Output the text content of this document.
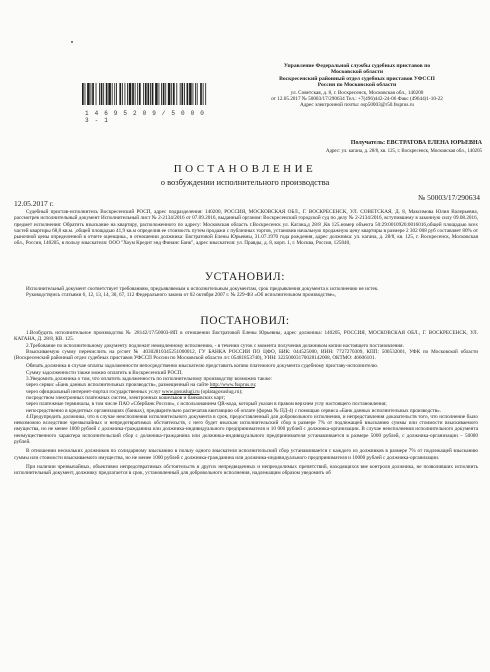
1 4 6 9 5 2 0 9 / 5 0 0 0 3 - 1
Управление Федеральной службы судебных приставов по
Московской области
Воскресенский районный отдел судебных приставов УФССП
России по Московской области
ул. Советская, д. 8, г. Воскресенск, Московская обл., 140200
от 12.05.2017 № 50003/17/290634 Тел.: +7(496)442-24-06 Факс (49644)1-10-22
Адрес электронной почты: osp50003@r50.fssprus.ru
Получатель: ЕВСТРАТОВА ЕЛЕНА ЮРЬЕВНА
Адрес: ул. кагана, д. 28/8, кв. 125, г. Воскресенск, Московская обл., 140205
ПОСТАНОВЛЕНИЕ
о возбуждении исполнительного производства
№ 50003/17/290634
12.05.2017 г.

Судебный пристав-исполнитель Воскресенский РОСП, адрес подразделения: 140200, РОССИЯ, МОСКОВСКАЯ ОБЛ., Г. ВОСКРЕСЕНСК, УЛ. СОВЕТСКАЯ, Д. 8, Максимова Юлия Валерьевна, рассмотрев исполнительный документ Исполнительный лист № 2-2134/2016 от 07.09.2016, выданный органом: Воскресенский городской суд по делу № 2-2134/2016, вступившему в законную силу 09.08.2016, предмет исполнения: Обратить взыскание на квартиру, расположенного по адресу: Московская область г.Воскресенск ул. Кагана,д 28/8 ,Кв 125.номер объекта 50:29:0010926:0016016,общей площадью всех частей квартиры 68,8 кв.м. ,общей площадью 41,9 кв.м определив ее стоимость путем продажи с публичных торгов, установив начальную продажную цену квартиры в размере 2 302 008 руб составляет 80% от рыночной цены определенной в отчете оценщика., в отношении должника: Евстратовой Елены Юрьевны, 31.07.1970 года рождения, адрес должника: ул. кагана, д. 28/8, кв. 125, г. Воскресенск, Московская обл., Россия, 140205, в пользу взыскателя: ООО "Хоум Кредит энд Финанс Банк", адрес взыскателя: ул. Правды, д. 8, корп. 1, г. Москва, Россия, 125040,

УСТАНОВИЛ:

Исполнительный документ соответствует требованиям, предъявляемым к исполнительным документам, срок предъявления документа к исполнению не истек.

Руководствуясь статьями 6, 12, 13, 14, 30, 67, 112 Федерального закона от 02 октября 2007 г. № 229-ФЗ «Об исполнительном производстве»,

ПОСТАНОВИЛ:

1.Возбудить исполнительное производство № 28142/17/50003-ИП в отношении Евстратовой Елены Юрьевны, адрес должника: 140205, РОССИЯ, МОСКОВСКАЯ ОБЛ., Г. ВОСКРЕСЕНСК, УЛ. КАГАНА, Д. 28/8, КВ. 125.

2.Требование по исполнительному документу подлежит немедленному исполнению, - в течении суток с момента получения должником копии настоящего постановления.

Взыскиваемую сумму перечислить на р/счет № 40302810345251000012, ГУ БАНКА РОССИИ ПО ЦФО, БИК: 044525000, ИНН: 7727270309, КПП: 500532001, УФК по Московской области (Воскресенский районный отдел судебных приставов УФССП России по Московской области л/с 05481853740), УИН: 32250003170028142008, ОКТМО: 46606101.

Обязать должника в случае оплаты задолженности непосредственно взыскателю представить копию платежного документа судебному приставу-исполнителю.

Сумму задолженности также можно оплатить в Воскресенский РОСП.

3.Уведомить должника о том, что оплатить задолженность по исполнительному производству возможно также:

через сервис «Банк данных исполнительных производств», размещенный на сайте http://www.fssprus.ru;

через официальный интернет-портал государственных услуг www.gosuslugi.ru (oplatagosuslug.ru);

посредством электронных платежных систем, электронных кошельков и банковских карт;

через платежные терминалы, в том числе ПАО «Сбербанк России», с использованием QR-кода, который указан в правом верхнем углу настоящего постановления;

непосредственно в кредитных организациях (банках), предварительно распечатав квитанцию об оплате (форма № ПД-4) с помощью сервиса «Банк данных исполнительных производств».

4.Предупредить должника, что в случае неисполнения исполнительного документа в срок, предоставленный для добровольного исполнения, и непредставления доказательств того, что исполнение было невозможно вследствие чрезвычайных и непредотвратимых обстоятельств, с него будет взыскан исполнительский сбор в размере 7% от подлежащей взысканию суммы или стоимости взыскиваемого имущества, но не менее 1000 рублей с должника-гражданина или должника-индивидуального предпринимателя и 10 000 рублей с должника-организации. В случае неисполнения исполнительного документа неимущественного характера исполнительский сбор с должника-гражданина или должника-индивидуального предпринимателя устанавливается в размере 5000 рублей, с должника-организации – 50000 рублей.

В отношении нескольких должников по солидарному взысканию в пользу одного взыскателя исполнительский сбор устанавливается с каждого из должников в размере 7% от подлежащей взысканию суммы или стоимости взыскиваемого имущества, но не менее 1000 рублей с должника-гражданина или должника-индивидуального предпринимателя и 10000 рублей с должника-организации.

При наличии чрезвычайных, объективно непредотвратимых обстоятельств и других непредвиденных и непреодолимых препятствий, находящихся вне контроля должника, не позволивших исполнить исполнительный документ, должнику предлагается в срок, установленный для добровольного исполнения, надлежащим образом уведомить об
